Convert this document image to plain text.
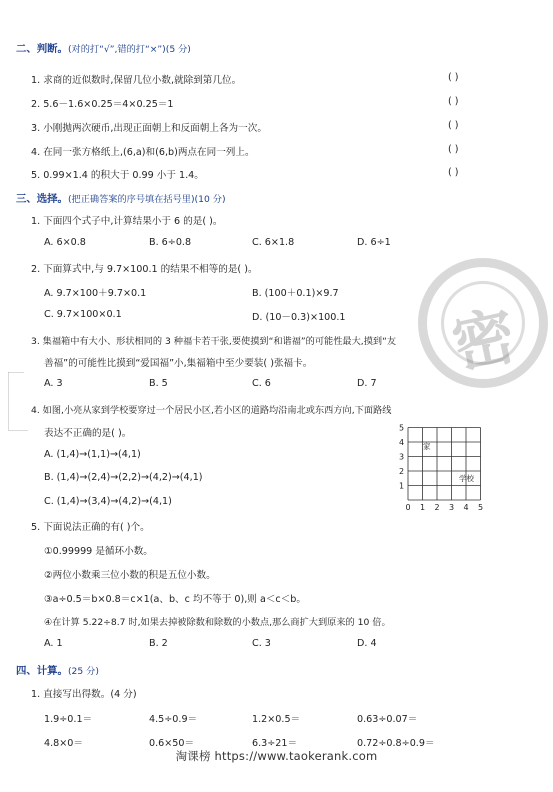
密
二、判断。(对的打“√”,错的打“×”)(5 分)
1. 求商的近似数时,保留几位小数,就除到第几位。	( )
2. 5.6－1.6×0.25＝4×0.25＝1	( )
3. 小刚抛两次硬币,出现正面朝上和反面朝上各为一次。	( )
4. 在同一张方格纸上,(6,a)和(6,b)两点在同一列上。	( )
5. 0.99×1.4 的积大于 0.99 小于 1.4。	( )
三、选择。(把正确答案的序号填在括号里)(10 分)
1. 下面四个式子中,计算结果小于 6 的是( )。
A. 6×0.8	B. 6÷0.8	C. 6×1.8	D. 6÷1
2. 下面算式中,与 9.7×100.1 的结果不相等的是( )。
A. 9.7×100＋9.7×0.1	B. (100＋0.1)×9.7
C. 9.7×100×0.1	D. (10－0.3)×100.1
3. 集福箱中有大小、形状相同的 3 种福卡若干张,要使摸到“和谐福”的可能性最大,摸到“友
善福”的可能性比摸到“爱国福”小,集福箱中至少要装( )张福卡。
A. 3	B. 5	C. 6	D. 7
4. 如图,小亮从家到学校要穿过一个居民小区,若小区的道路均沿南北或东西方向,下面路线
表达不正确的是( )。
A. (1,4)→(1,1)→(4,1)
B. (1,4)→(2,4)→(2,2)→(4,2)→(4,1)
C. (1,4)→(3,4)→(4,2)→(4,1)
0 1 2 3 4 5
1
2
3
4
5
家
学校
5. 下面说法正确的有( )个。
①0.99999 是循环小数。
②两位小数乘三位小数的积是五位小数。
③a÷0.5＝b×0.8＝c×1(a、b、c 均不等于 0),则 a＜c＜b。
④在计算 5.22÷8.7 时,如果去掉被除数和除数的小数点,那么商扩大到原来的 10 倍。
A. 1	B. 2	C. 3	D. 4
四、计算。(25 分)
1. 直接写出得数。(4 分)
1.9÷0.1＝	4.5÷0.9＝	1.2×0.5＝	0.63÷0.07＝
4.8×0＝	0.6×50＝	6.3÷21＝	0.72÷0.8÷0.9＝
淘课榜 https://www.taokerank.com
